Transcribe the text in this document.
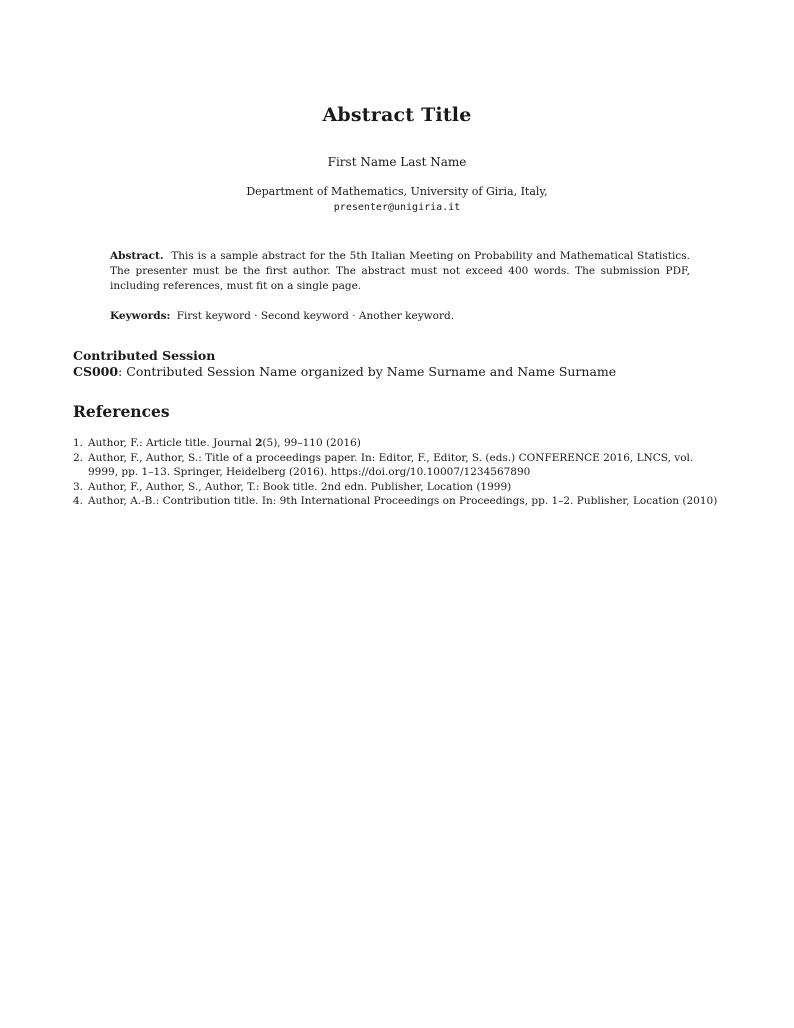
Abstract Title
First Name Last Name
Department of Mathematics, University of Giria, Italy,
presenter@unigiria.it
Abstract. This is a sample abstract for the 5th Italian Meeting on Probability and Mathematical Statistics. The presenter must be the first author. The abstract must not exceed 400 words. The submission PDF, including references, must fit on a single page.
Keywords: First keyword · Second keyword · Another keyword.
Contributed Session
CS000: Contributed Session Name organized by Name Surname and Name Surname
References
1. Author, F.: Article title. Journal 2(5), 99–110 (2016)
2. Author, F., Author, S.: Title of a proceedings paper. In: Editor, F., Editor, S. (eds.) CONFERENCE 2016, LNCS, vol. 9999, pp. 1–13. Springer, Heidelberg (2016). https://doi.org/10.10007/1234567890
3. Author, F., Author, S., Author, T.: Book title. 2nd edn. Publisher, Location (1999)
4. Author, A.-B.: Contribution title. In: 9th International Proceedings on Proceedings, pp. 1–2. Publisher, Location (2010)
